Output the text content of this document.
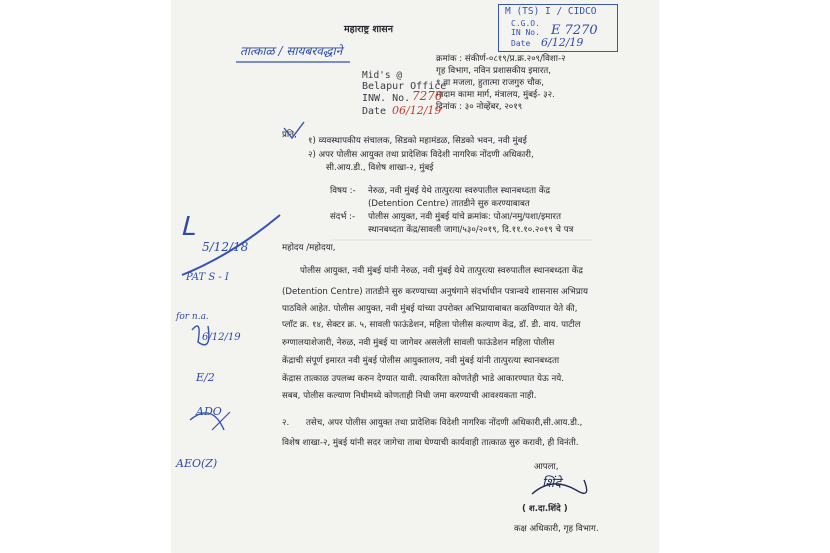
महाराष्ट्र शासन
तात्काळ / सायबरवद्धाने
M (TS) I / CIDCO
C.G.O.
IN No. E 7270
Date 6/12/19
क्रमांक : संकीर्ण-०८१९/प्र.क्र.२०९/विशा-२
गृह विभाग, नविन प्रशासकीय इमारत,
९ वा मजला, हुतात्मा राजगुरु चौक,
मादाम कामा मार्ग, मंत्रालय, मुंबई- ३२.
दिनांक : ३० नोव्हेंबर, २०१९
Mid's @
Belapur Office
INW. No. 7270
Date 06/12/19
प्रति,
१) व्यवस्थापकीय संचालक, सिडको महामंडळ, सिडको भवन, नवी मुंबई
२) अपर पोलीस आयुक्त तथा प्रादेशिक विदेशी नागरिक नोंदणी अधिकारी,
सी.आय.डी., विशेष शाखा-२, मुंबई
विषय :- नेरुळ, नवी मुंबई येथे तात्पुरत्या स्वरुपातील स्थानबध्दता केंद्र
(Detention Centre) तातडीने सुरु करण्याबाबत
संदर्भ :- पोलीस आयुक्त, नवी मुंबई यांचे क्रमांक: पोआ/नमु/पशा/इमारत
स्थानबध्दता केंद्र/सावली जागा/५३०/२०१९, दि.११.१०.२०१९ चे पत्र
महोदय /महोदया,
पोलीस आयुक्त, नवी मुंबई यांनी नेरुळ, नवी मुंबई येथे तात्पुरत्या स्वरुपातील स्थानबध्दता केंद्र
(Detention Centre) तातडीने सुरु करण्याच्या अनुषंगाने संदर्भाधीन पत्रान्वये शासनास अभिप्राय
पाठविले आहेत. पोलीस आयुक्त, नवी मुंबई यांच्या उपरोक्त अभिप्रायाबाबत कळविण्यात येते की,
प्लॉट क्र. १४, सेक्टर क्र. ५, सावली फाऊंडेशन, महिला पोलीस कल्याण केंद्र, डॉ. डी. वाय. पाटील
रुग्णालयाशेजारी, नेरुळ, नवी मुंबई या जागेवर असलेली सावली फाऊंडेशन महिला पोलीस
केंद्राची संपूर्ण इमारत नवी मुंबई पोलीस आयुक्तालय, नवी मुंबई यांनी तात्पुरत्या स्थानबध्दता
केंद्रास तात्काळ उपलब्ध करुन देण्यात यावी. त्याकरिता कोणतेही भाडे आकारण्यात येऊ नये.
सबब, पोलीस कल्याण निधीमध्ये कोणताही निधी जमा करण्याची आवश्यकता नाही.
२. तसेच, अपर पोलीस आयुक्त तथा प्रादेशिक विदेशी नागरिक नोंदणी अधिकारी,सी.आय.डी.,
विशेष शाखा-२, मुंबई यांनी सदर जागेचा ताबा घेण्याची कार्यवाही तात्काळ सुरु करावी, ही विनंती.
आपला,
शिंदे
( श.दा.शिंदे )
कक्ष अधिकारी, गृह विभाग.
ᒪ
5/12/18
PAT S - I
for n.a.
6/12/19
E/2
ADO
AEO(Z)
